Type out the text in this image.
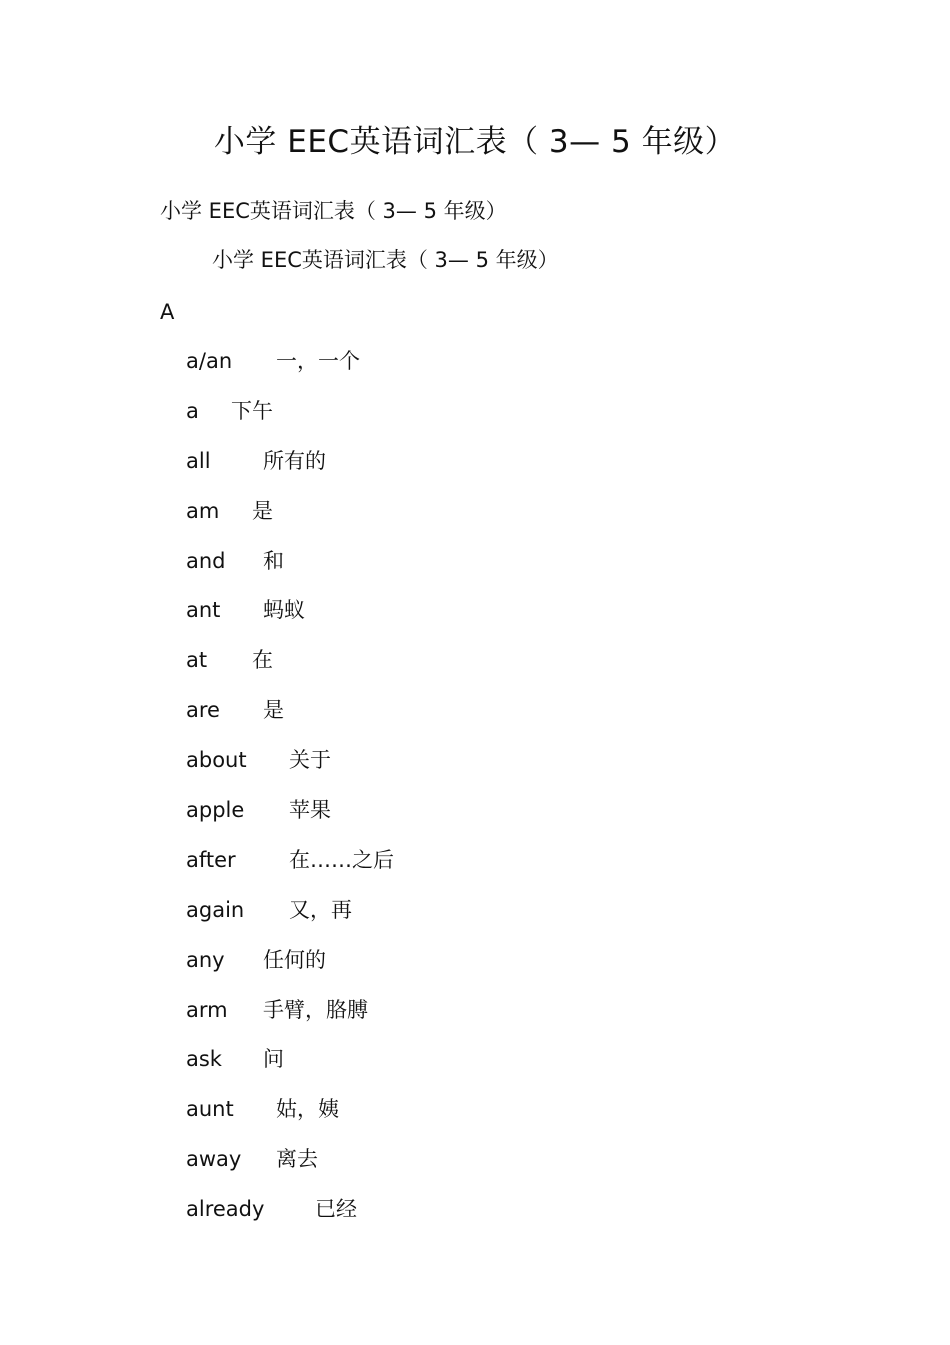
小学 EEC英语词汇表（ 3— 5 年级）
小学 EEC英语词汇表（ 3— 5 年级）
小学 EEC英语词汇表（ 3— 5 年级）
A
a/an 一，一个
a 下午
all 所有的
am 是
and 和
ant 蚂蚁
at 在
are 是
about 关于
apple 苹果
after	在……之后
again 又，再
any 任何的
arm 手臂，胳膊
ask 问
aunt 姑，姨
away 离去
already 已经
